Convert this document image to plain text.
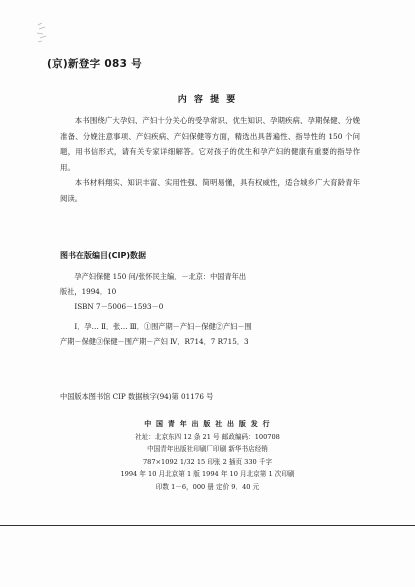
(京)新登字 083 号
内 容 提 要

本书围绕广大孕妇、产妇十分关心的受孕常识、优生知识、孕期疾病、孕期保健、分娩准备、分娩注意事项、产妇疾病、产妇保健等方面，精选出具普遍性、指导性的 150 个问题，用书信形式，请有关专家详细解答。它对孩子的优生和孕产妇的健康有重要的指导作用。

本书材料翔实、知识丰富、实用性强、简明易懂，具有权威性，适合城乡广大育龄青年阅读。

图书在版编目(CIP)数据

孕产妇保健 150 问/张怀民主编．－北京：中国青年出

版社，1994．10

ISBN 7－5006－1593－0

Ⅰ．孕… Ⅱ．张… Ⅲ．①围产期－产妇－保健②产妇－围

产期－保健③保健－围产期－产妇 Ⅳ．R714．7 R715．3

中国版本图书馆 CIP 数据核字(94)第 01176 号
中 国 青 年 出 版 社 出 版 发 行
社址：北京东四 12 条 21 号 邮政编码：100708
中国青年出版社印刷厂印刷 新华书店经销
787×1092 1/32 15 印张 2 插页 330 千字
1994 年 10 月北京第 1 版 1994 年 10 月北京第 1 次印刷
印数 1－6，000 册 定价 9．40 元
